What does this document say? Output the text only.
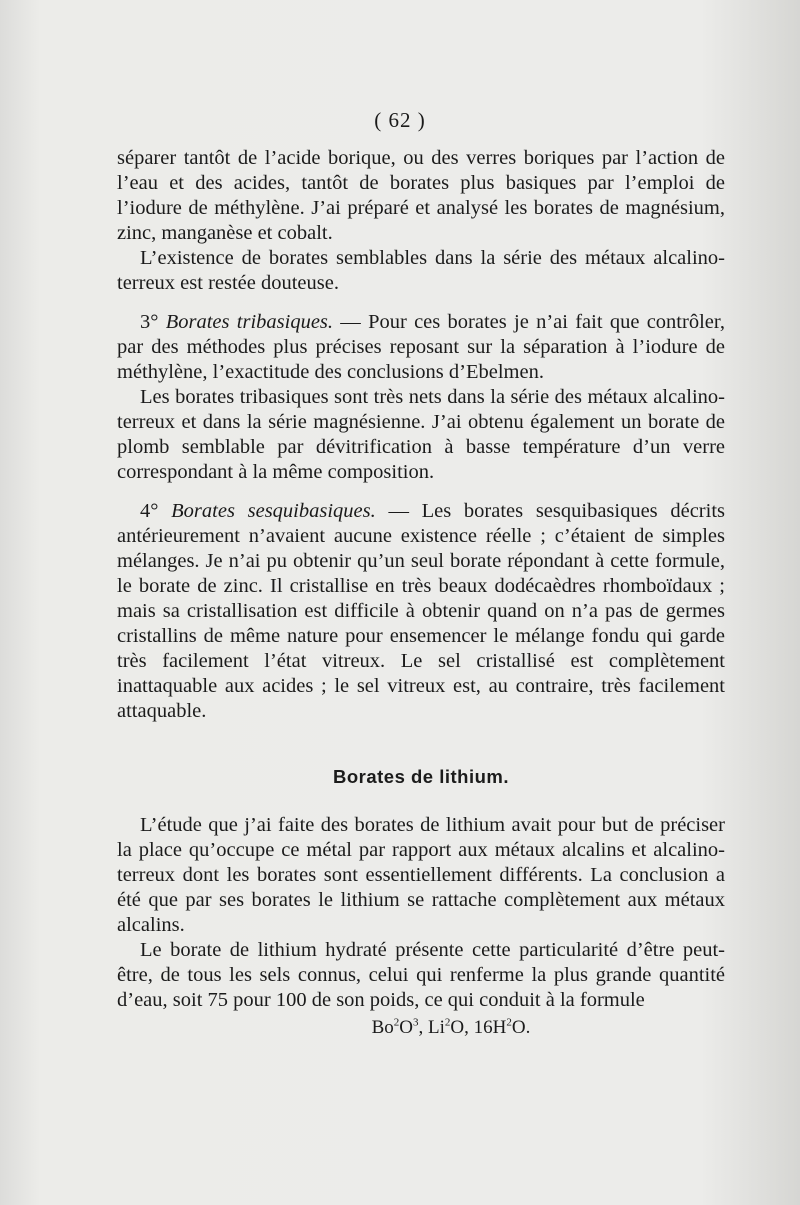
( 62 )

séparer tantôt de l’acide borique, ou des verres boriques par l’action de l’eau et des acides, tantôt de borates plus basiques par l’emploi de l’iodure de méthylène. J’ai préparé et analysé les borates de magnésium, zinc, manganèse et cobalt.

L’existence de borates semblables dans la série des métaux alcalino-terreux est restée douteuse.

3° Borates tribasiques. — Pour ces borates je n’ai fait que contrôler, par des méthodes plus précises reposant sur la séparation à l’iodure de méthylène, l’exactitude des conclusions d’Ebelmen.

Les borates tribasiques sont très nets dans la série des métaux alcalino-terreux et dans la série magnésienne. J’ai obtenu également un borate de plomb semblable par dévitrification à basse température d’un verre correspondant à la même composition.

4° Borates sesquibasiques. — Les borates sesquibasiques décrits antérieurement n’avaient aucune existence réelle ; c’étaient de simples mélanges. Je n’ai pu obtenir qu’un seul borate répondant à cette formule, le borate de zinc. Il cristallise en très beaux dodécaèdres rhomboïdaux ; mais sa cristallisation est difficile à obtenir quand on n’a pas de germes cristallins de même nature pour ensemencer le mélange fondu qui garde très facilement l’état vitreux. Le sel cristallisé est complètement inattaquable aux acides ; le sel vitreux est, au contraire, très facilement attaquable.

Borates de lithium.

L’étude que j’ai faite des borates de lithium avait pour but de préciser la place qu’occupe ce métal par rapport aux métaux alcalins et alcalino-terreux dont les borates sont essentiellement différents. La conclusion a été que par ses borates le lithium se rattache complètement aux métaux alcalins.

Le borate de lithium hydraté présente cette particularité d’être peut-être, de tous les sels connus, celui qui renferme la plus grande quantité d’eau, soit 75 pour 100 de son poids, ce qui conduit à la formule

$Bo^2O^3$, Li$^2$O, $16H^2O$.
